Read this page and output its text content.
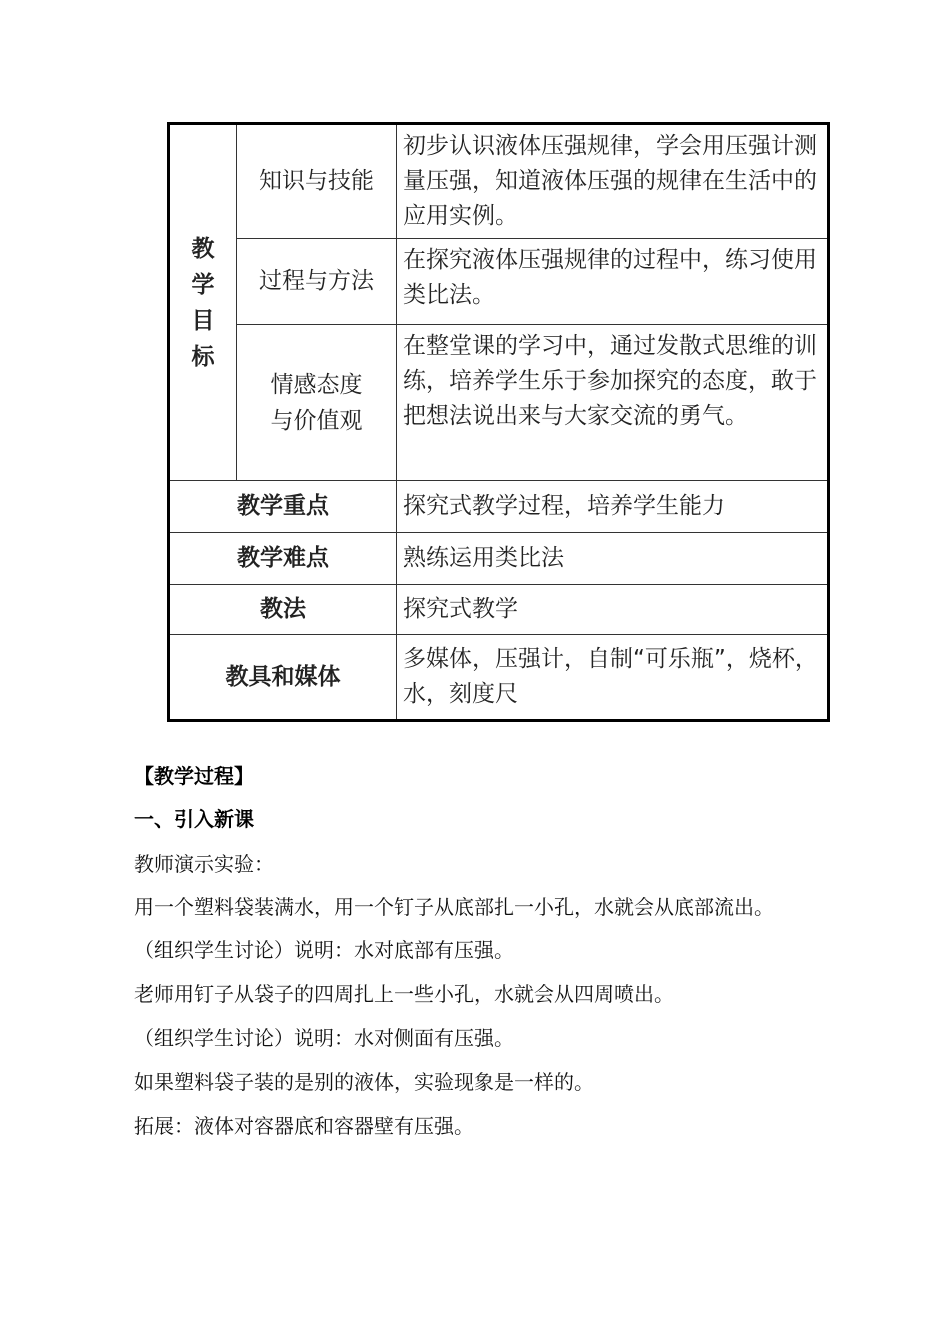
教学目标	知识与技能	初步认识液体压强规律，学会用压强计测量压强，知道液体压强的规律在生活中的应用实例。
	过程与方法	在探究液体压强规律的过程中，练习使用类比法。

	情感态度与价值观	在整堂课的学习中，通过发散式思维的训练，培养学生乐于参加探究的态度，敢于把想法说出来与大家交流的勇气。
教学重点		探究式教学过程，培养学生能力
教学难点		熟练运用类比法
教法		探究式教学
教具和媒体		多媒体，压强计，自制“可乐瓶”，烧杯，水，刻度尺
【教学过程】
一、引入新课
教师演示实验：
用一个塑料袋装满水，用一个钉子从底部扎一小孔，水就会从底部流出。
（组织学生讨论）说明：水对底部有压强。
老师用钉子从袋子的四周扎上一些小孔，水就会从四周喷出。
（组织学生讨论）说明：水对侧面有压强。
如果塑料袋子装的是别的液体，实验现象是一样的。
拓展：液体对容器底和容器壁有压强。
